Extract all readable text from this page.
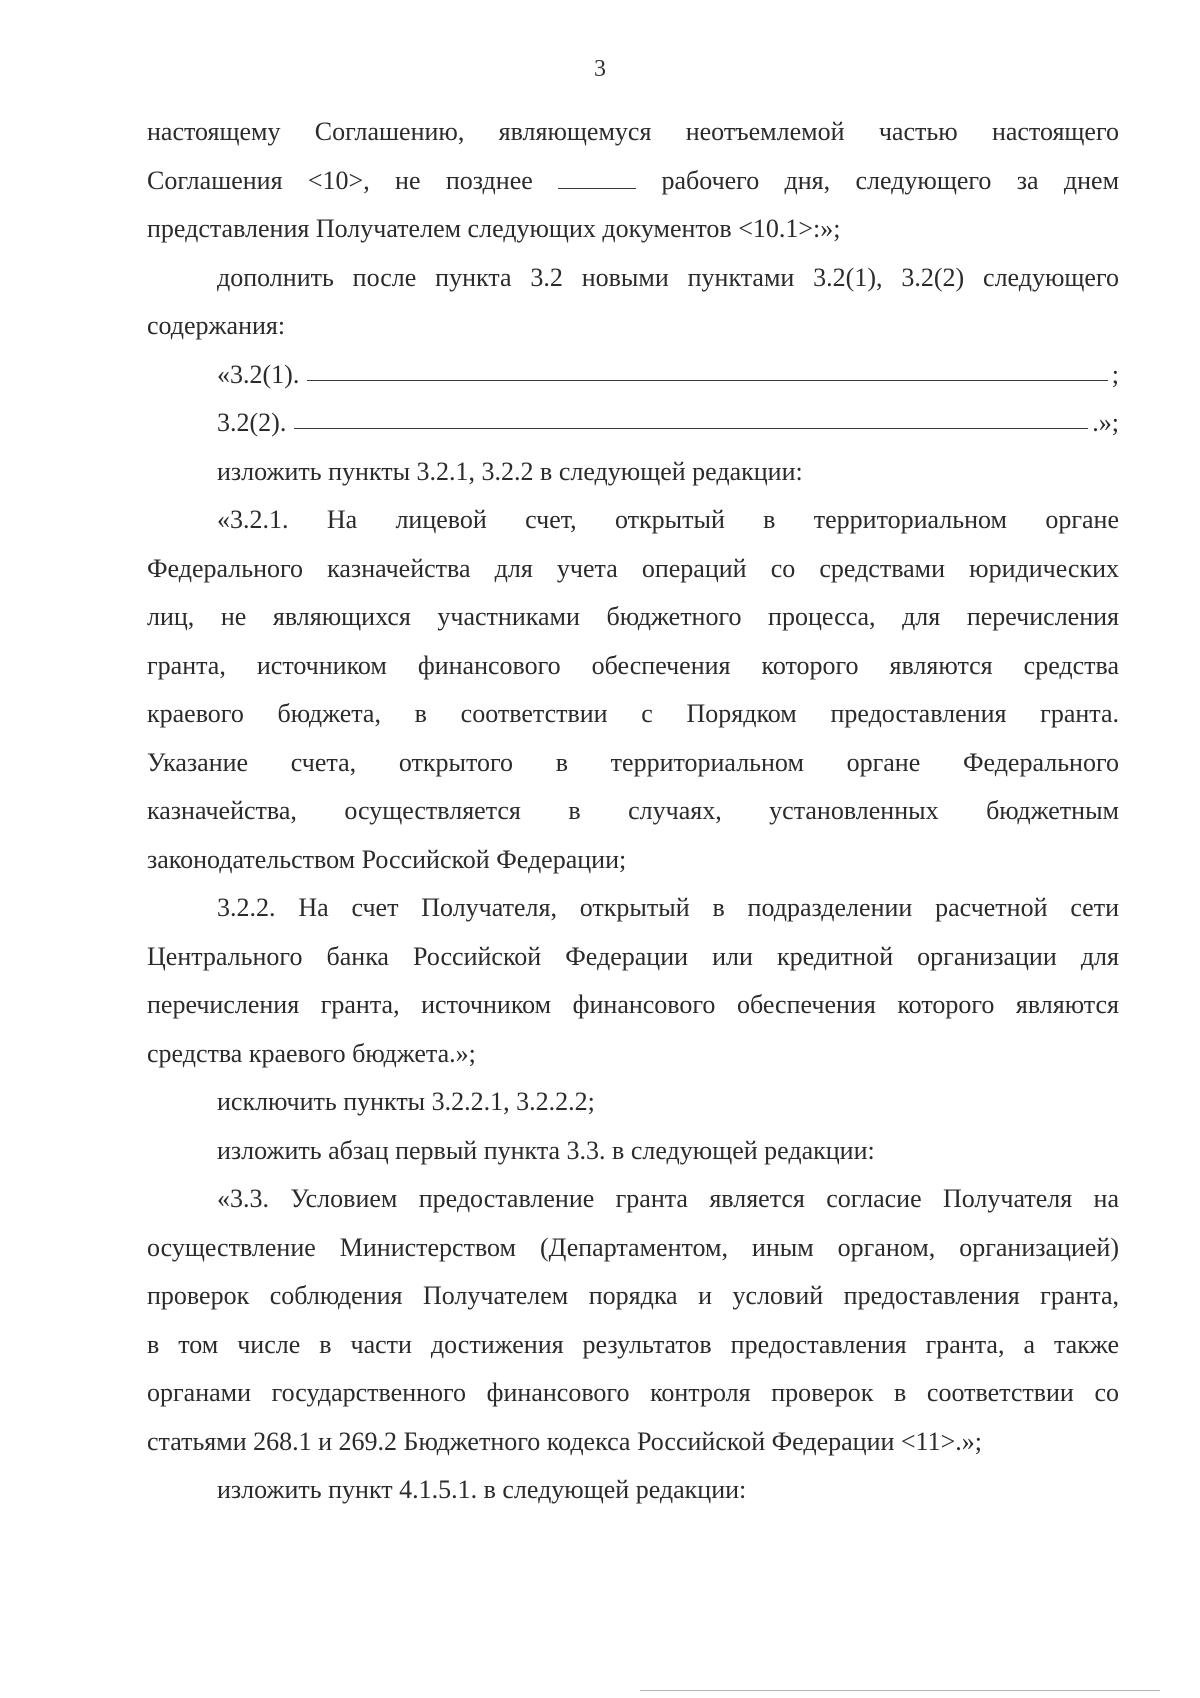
3

настоящему Соглашению, являющемуся неотъемлемой частью настоящего

Соглашения <10>, не позднее	рабочего дня, следующего за днем

представления Получателем следующих документов <10.1>:»;

дополнить после пункта 3.2 новыми пунктами 3.2(1), 3.2(2) следующего

содержания:

«3.2(1).	;
3.2(2).	.»;

изложить пункты 3.2.1, 3.2.2 в следующей редакции:

«3.2.1. На лицевой счет, открытый в территориальном органе

Федерального казначейства для учета операций со средствами юридических

лиц, не являющихся участниками бюджетного процесса, для перечисления

гранта, источником финансового обеспечения которого являются средства

краевого бюджета, в соответствии с Порядком предоставления гранта.

Указание счета, открытого в территориальном органе Федерального

казначейства, осуществляется в случаях, установленных бюджетным

законодательством Российской Федерации;

3.2.2. На счет Получателя, открытый в подразделении расчетной сети

Центрального банка Российской Федерации или кредитной организации для

перечисления гранта, источником финансового обеспечения которого являются

средства краевого бюджета.»;

исключить пункты 3.2.2.1, 3.2.2.2;

изложить абзац первый пункта 3.3. в следующей редакции:

«3.3. Условием предоставление гранта является согласие Получателя на

осуществление Министерством (Департаментом, иным органом, организацией)

проверок соблюдения Получателем порядка и условий предоставления гранта,

в том числе в части достижения результатов предоставления гранта, а также

органами государственного финансового контроля проверок в соответствии со

статьями 268.1 и 269.2 Бюджетного кодекса Российской Федерации <11>.»;

изложить пункт 4.1.5.1. в следующей редакции:
